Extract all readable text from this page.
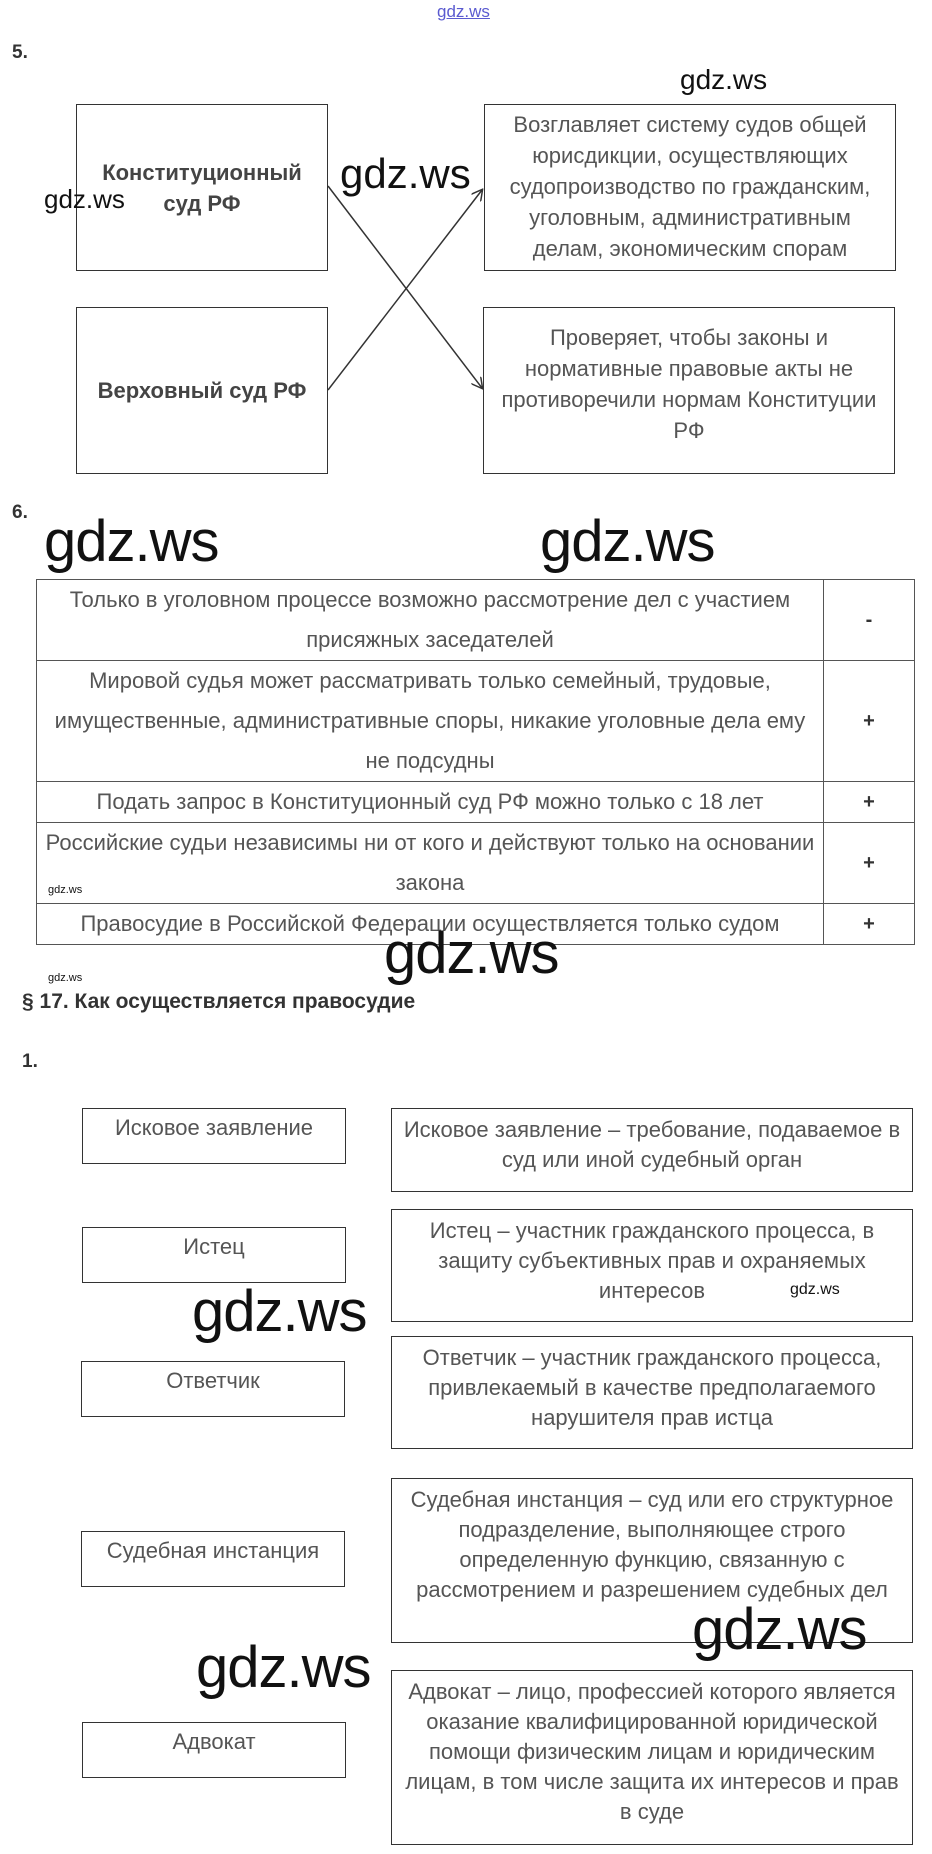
gdz.ws
5.
Конституционный суд РФ
Верховный суд РФ
Возглавляет систему судов общей юрисдикции, осуществляющих судопроизводство по гражданским, уголовным, административным делам, экономическим спорам
Проверяет, чтобы законы и нормативные правовые акты не противоречили нормам Конституции РФ
6.
Только в уголовном процессе возможно рассмотрение дел с участием присяжных заседателей	-
Мировой судья может рассматривать только семейный, трудовые, имущественные, административные споры, никакие уголовные дела ему не подсудны	+
Подать запрос в Конституционный суд РФ можно только с 18 лет	+
Российские судьи независимы ни от кого и действуют только на основании закона	+
Правосудие в Российской Федерации осуществляется только судом	+
§ 17. Как осуществляется правосудие
1.
Исковое заявление
Истец
Ответчик
Судебная инстанция
Адвокат
Исковое заявление – требование, подаваемое в суд или иной судебный орган
Истец – участник гражданского процесса, в защиту субъективных прав и охраняемых интересов
Ответчик – участник гражданского процесса, привлекаемый в качестве предполагаемого нарушителя прав истца
Судебная инстанция – суд или его структурное подразделение, выполняющее строго определенную функцию, связанную с рассмотрением и разрешением судебных дел
Адвокат – лицо, профессией которого является оказание квалифицированной юридической помощи физическим лицам и юридическим лицам, в том числе защита их интересов и прав в суде
gdz.ws
gdz.ws
gdz.ws
gdz.ws	gdz.ws
gdz.ws
gdz.ws
gdz.ws
gdz.ws	gdz.ws
gdz.ws
gdz.ws
